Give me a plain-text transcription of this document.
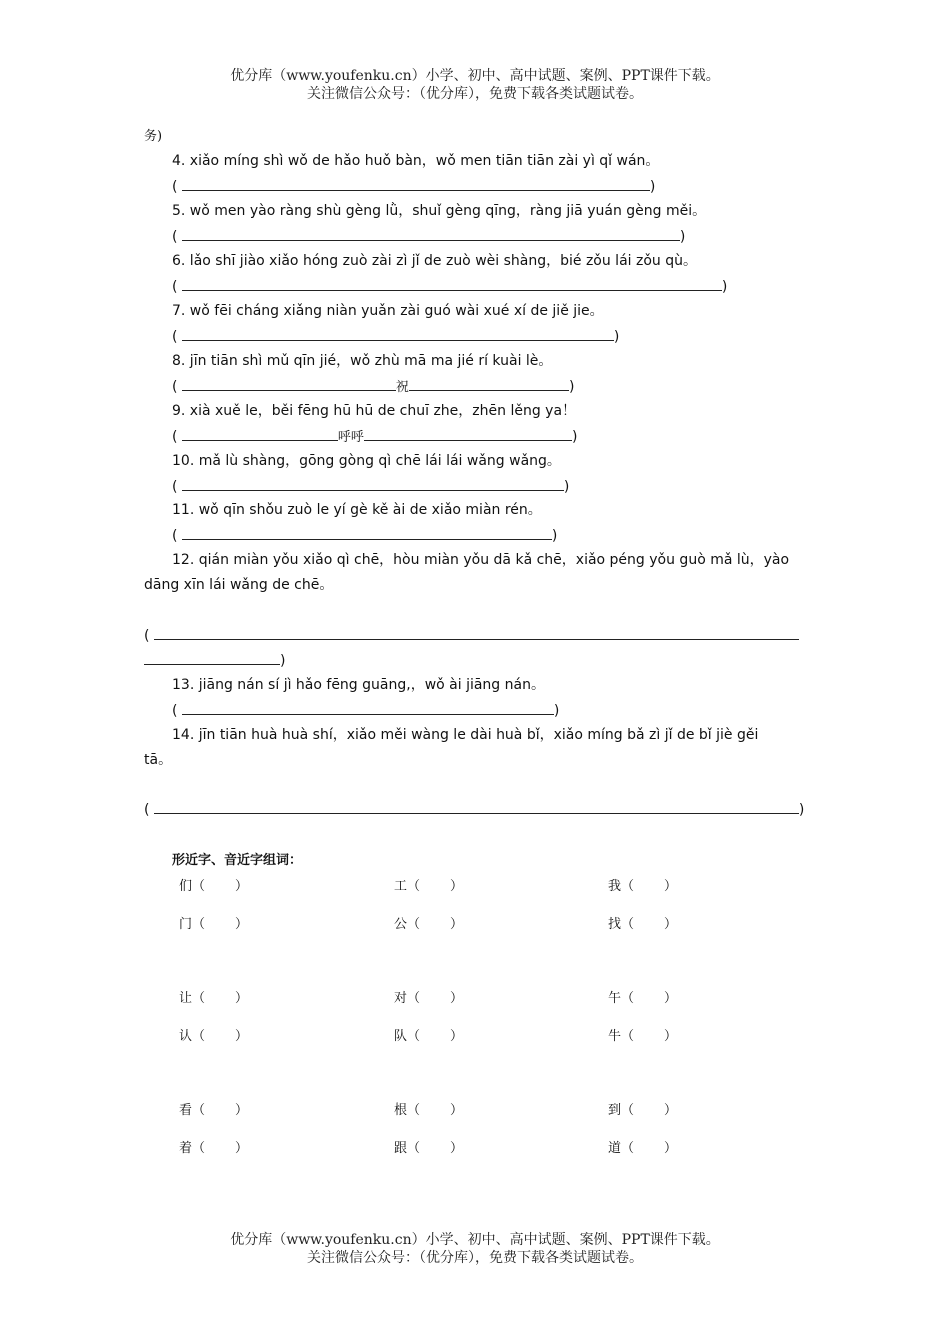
优分库（www.youfenku.cn）小学、初中、高中试题、案例、PPT课件下载。
关注微信公众号：（优分库），免费下载各类试题试卷。
务)
4. xiǎo míng shì wǒ de hǎo huǒ bàn，wǒ men tiān tiān zài yì qǐ wán。
(	)
5. wǒ men yào ràng shù gèng lǜ，shuǐ gèng qīng，ràng jiā yuán gèng měi。
(	)
6. lǎo shī jiào xiǎo hóng zuò zài zì jǐ de zuò wèi shàng，bié zǒu lái zǒu qù。
(	)
7. wǒ fēi cháng xiǎng niàn yuǎn zài guó wài xué xí de jiě jie。
(	)
8. jīn tiān shì mǔ qīn jié，wǒ zhù mā ma jié rí kuài lè。
(	祝	)
9. xià xuě le，běi fēng hū hū de chuī zhe，zhēn lěng ya！
(	呼呼	)
10. mǎ lù shàng，gōng gòng qì chē lái lái wǎng wǎng。
(	)
11. wǒ qīn shǒu zuò le yí gè kě ài de xiǎo miàn rén。
(	)
12. qián miàn yǒu xiǎo qì chē，hòu miàn yǒu dā kǎ chē，xiǎo péng yǒu guò mǎ lù，yào
dāng xīn lái wǎng de chē。
(
)
13. jiāng nán sí jì hǎo fēng guāng,，wǒ ài jiāng nán。
(	)
14. jīn tiān huà huà shí，xiǎo měi wàng le dài huà bǐ，xiǎo míng bǎ zì jǐ de bǐ jiè gěi
tā。
(	)
形近字、音近字组词：
们（ ）	工（ ）	我（ ）
门（ ）	公（ ）	找（ ）
让（ ）	对（ ）	午（ ）
认（ ）	队（ ）	牛（ ）
看（ ）	根（ ）	到（ ）
着（ ）	跟（ ）	道（ ）
优分库（www.youfenku.cn）小学、初中、高中试题、案例、PPT课件下载。
关注微信公众号：（优分库），免费下载各类试题试卷。
